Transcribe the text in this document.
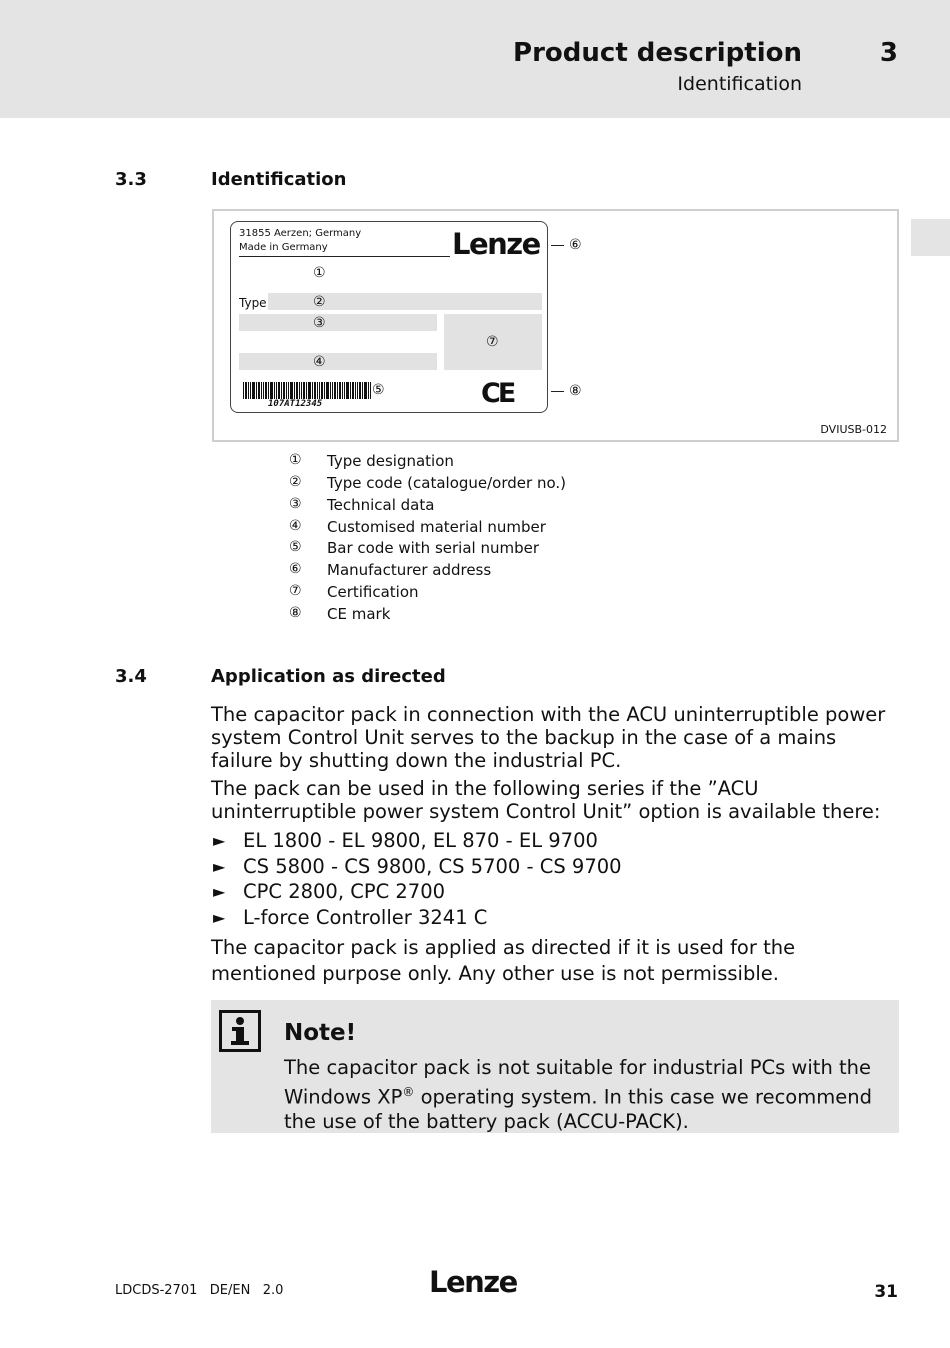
Product description	3
Identification
3.3	Identification
31855 Aerzen; Germany
Made in Germany	Lenze
①
Type	②
③
⑦
④
⑤
107AT12345	CE
⑥
⑧
DVIUSB-012
① Type designation
② Type code (catalogue/order no.)
③ Technical data
④ Customised material number
⑤ Bar code with serial number
⑥ Manufacturer address
⑦ Certification
⑧ CE mark
3.4	Application as directed

The capacitor pack in connection with the ACU uninterruptible power system Control Unit serves to the backup in the case of a mains failure by shutting down the industrial PC.

The pack can be used in the following series if the ”ACU uninterruptible power system Control Unit” option is available there:

► EL 1800 - EL 9800, EL 870 - EL 9700
► CS 5800 - CS 9800, CS 5700 - CS 9700
► CPC 2800, CPC 2700
► L-force Controller 3241 C

The capacitor pack is applied as directed if it is used for the mentioned purpose only. Any other use is not permissible.

Note!

The capacitor pack is not suitable for industrial PCs with the Windows XP® operating system. In this case we recommend the use of the battery pack (ACCU-PACK).

LDCDS-2701   DE/EN   2.0	Lenze	31
